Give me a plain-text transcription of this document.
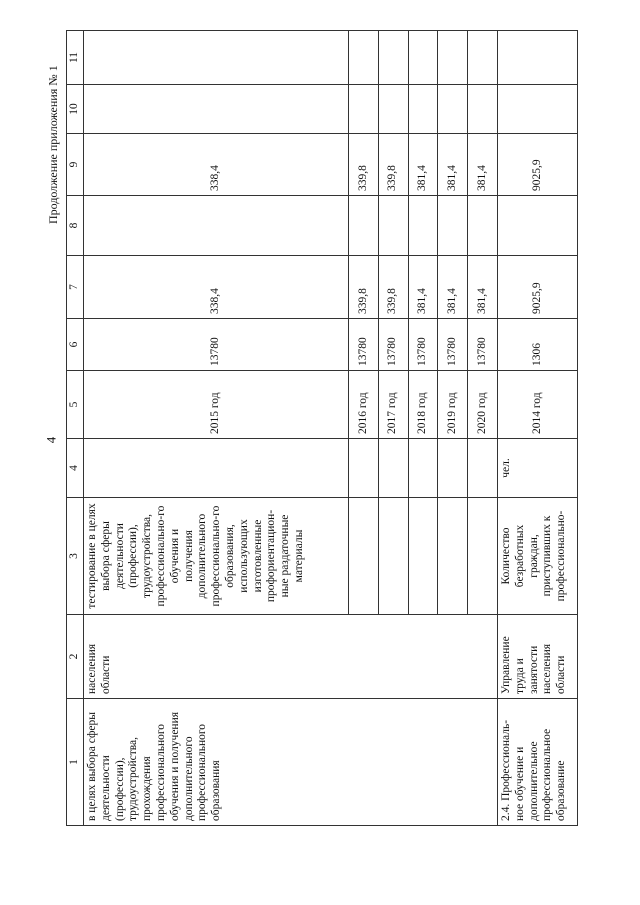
Продолжение приложения № 1
4
1	2	3	4	5	6	7	8	9	10	11
в целях выбора сферы деятельности (профессии), трудоустройства, прохождения профессионального обучения и получения дополнительного профессионального образования	населения области	тестирование в целях выбора сферы деятельности (профессии), трудоустройства, профессионально-го обучения и получения дополнительного профессионально-го образования, использующих изготовленные профориентацион-ные раздаточные материалы		2015 год	13780	338,4		338,4		
				2016 год	13780	339,8		339,8		
				2017 год	13780	339,8		339,8		
				2018 год	13780	381,4		381,4		
				2019 год	13780	381,4		381,4		
				2020 год	13780	381,4		381,4		
2.4. Профессиональ-ное обучение и дополнительное профессиональное образование	Управление труда и занятости населения области	Количество безработных граждан, приступивших к профессионально-	чел.	2014 год	1306	9025,9		9025,9		
